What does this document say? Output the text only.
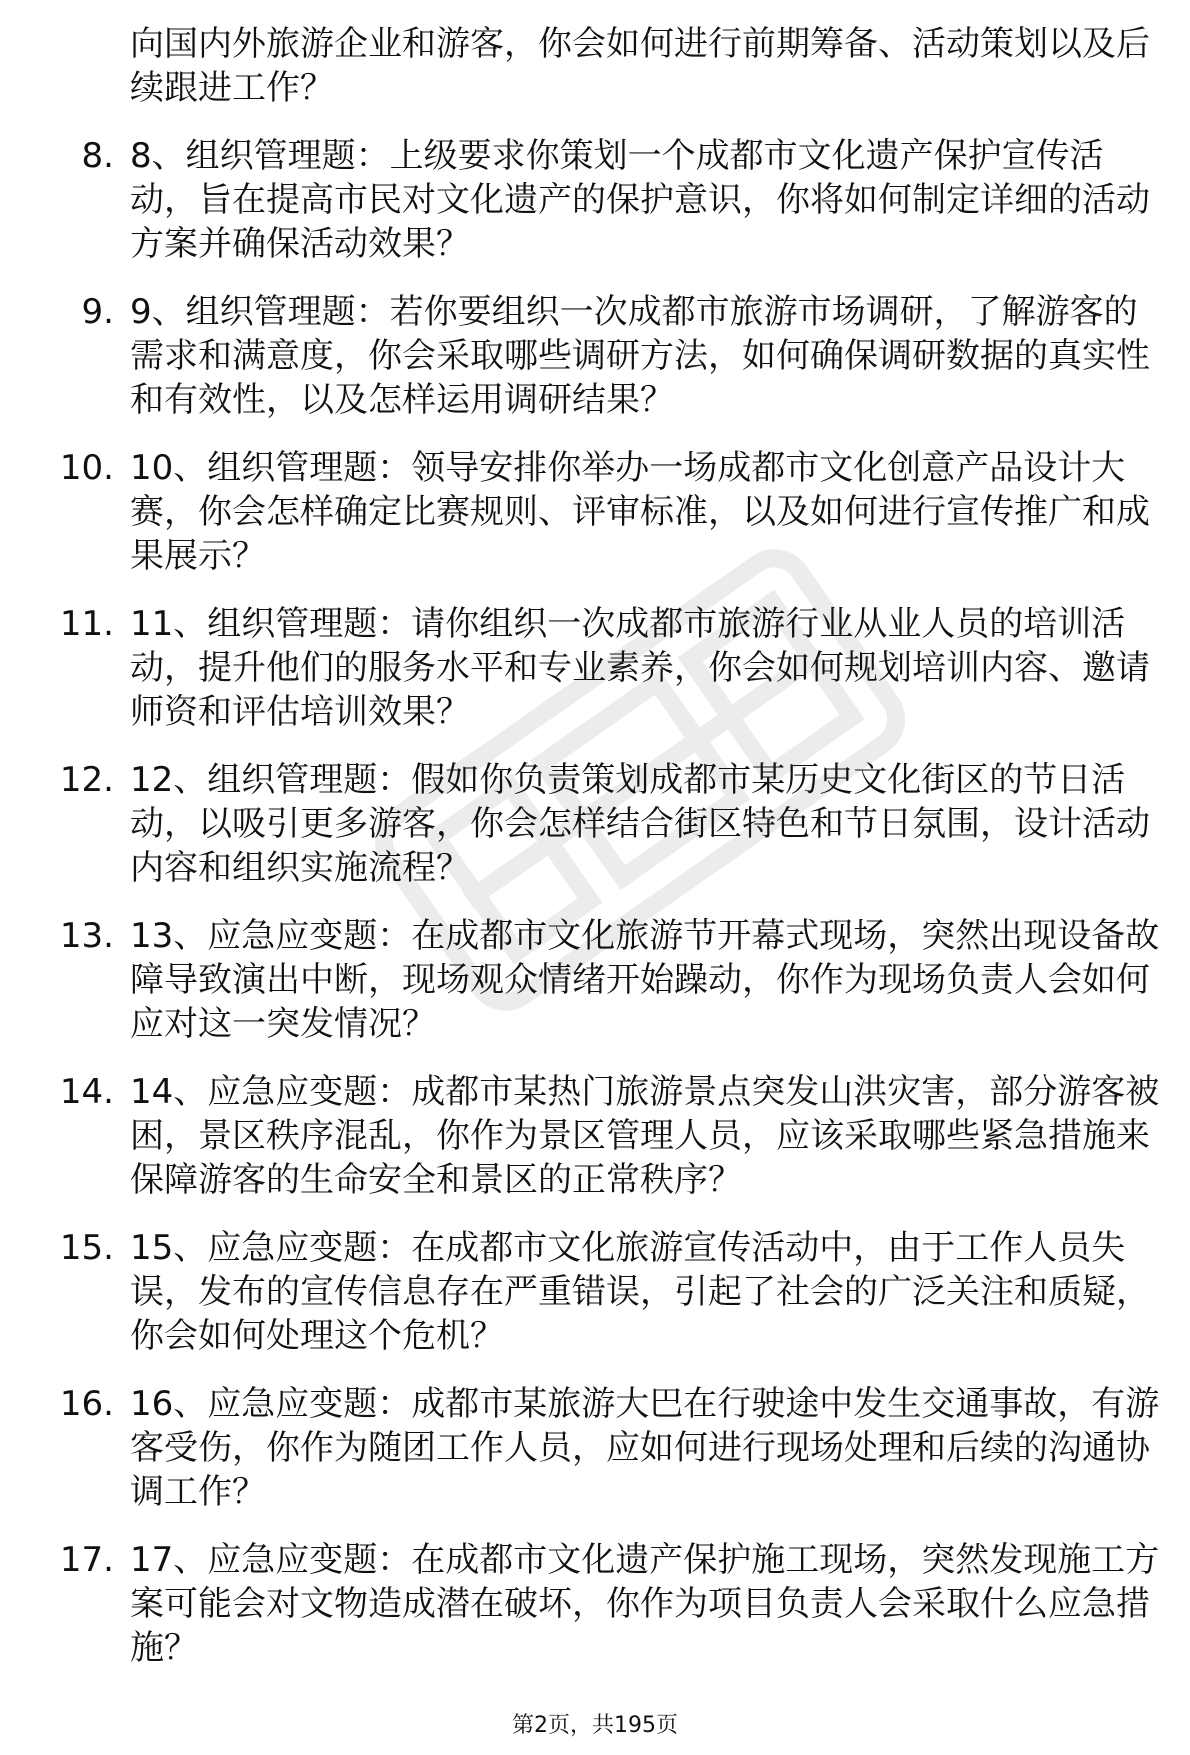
向国内外旅游企业和游客，你会如何进行前期筹备、活动策划以及后续跟进工作？
8. 8、组织管理题：上级要求你策划一个成都市文化遗产保护宣传活动，旨在提高市民对文化遗产的保护意识，你将如何制定详细的活动方案并确保活动效果？
9. 9、组织管理题：若你要组织一次成都市旅游市场调研，了解游客的需求和满意度，你会采取哪些调研方法，如何确保调研数据的真实性和有效性，以及怎样运用调研结果？
10. 10、组织管理题：领导安排你举办一场成都市文化创意产品设计大赛，你会怎样确定比赛规则、评审标准，以及如何进行宣传推广和成果展示？
11. 11、组织管理题：请你组织一次成都市旅游行业从业人员的培训活动，提升他们的服务水平和专业素养，你会如何规划培训内容、邀请师资和评估培训效果？
12. 12、组织管理题：假如你负责策划成都市某历史文化街区的节日活动，以吸引更多游客，你会怎样结合街区特色和节日氛围，设计活动内容和组织实施流程？
13. 13、应急应变题：在成都市文化旅游节开幕式现场，突然出现设备故障导致演出中断，现场观众情绪开始躁动，你作为现场负责人会如何应对这一突发情况？
14. 14、应急应变题：成都市某热门旅游景点突发山洪灾害，部分游客被困，景区秩序混乱，你作为景区管理人员，应该采取哪些紧急措施来保障游客的生命安全和景区的正常秩序？
15. 15、应急应变题：在成都市文化旅游宣传活动中，由于工作人员失误，发布的宣传信息存在严重错误，引起了社会的广泛关注和质疑，你会如何处理这个危机？
16. 16、应急应变题：成都市某旅游大巴在行驶途中发生交通事故，有游客受伤，你作为随团工作人员，应如何进行现场处理和后续的沟通协调工作？
17. 17、应急应变题：在成都市文化遗产保护施工现场，突然发现施工方案可能会对文物造成潜在破坏，你作为项目负责人会采取什么应急措施？
第2页，共195页
